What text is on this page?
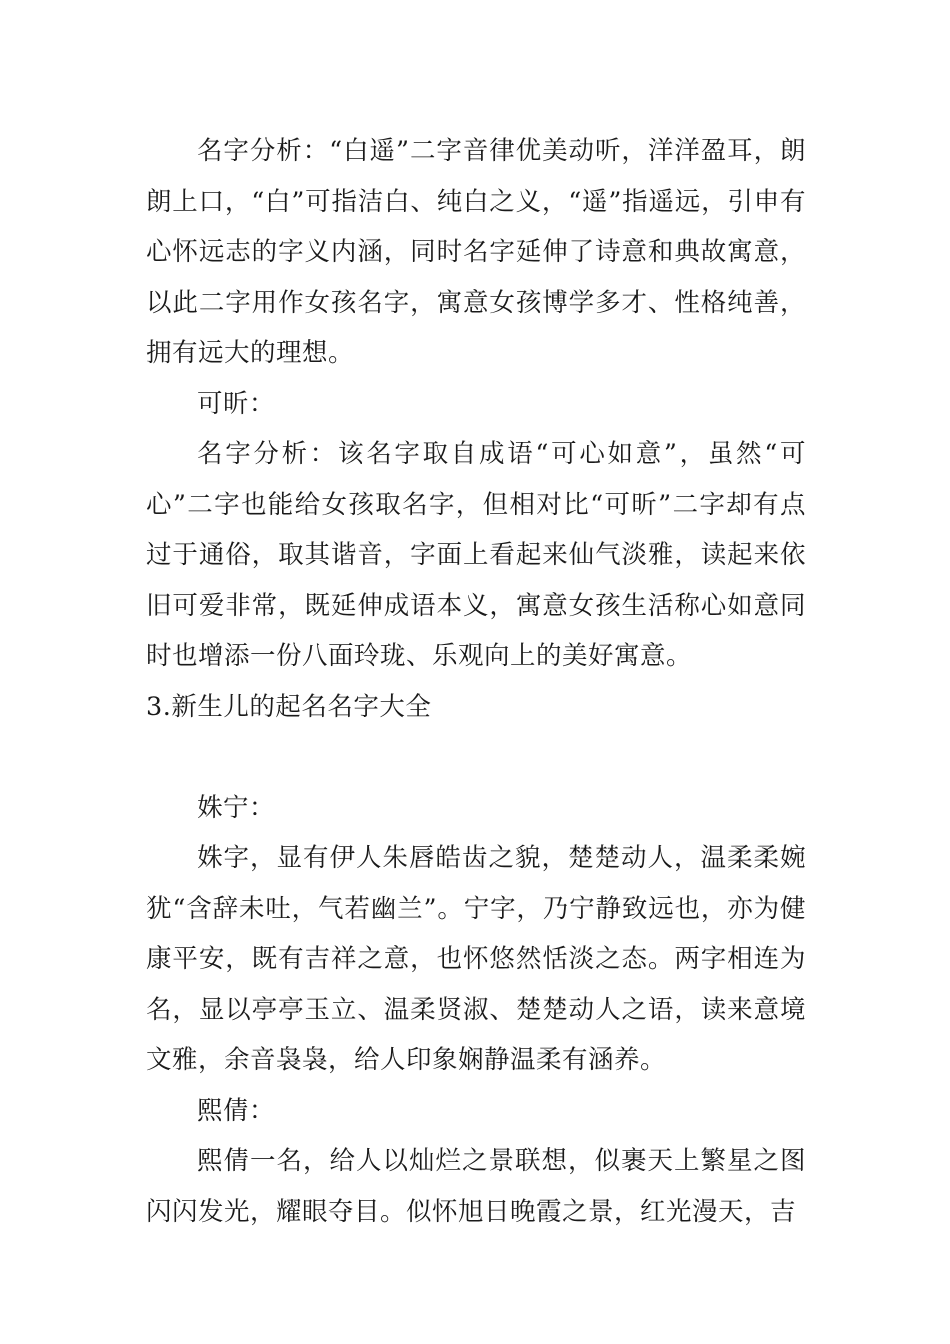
名字分析：“白遥”二字音律优美动听，洋洋盈耳，朗朗上口，“白”可指洁白、纯白之义，“遥”指遥远，引申有心怀远志的字义内涵，同时名字延伸了诗意和典故寓意，以此二字用作女孩名字，寓意女孩博学多才、性格纯善，拥有远大的理想。

可昕：

名字分析：该名字取自成语“可心如意”，虽然“可心”二字也能给女孩取名字，但相对比“可昕”二字却有点过于通俗，取其谐音，字面上看起来仙气淡雅，读起来依旧可爱非常，既延伸成语本义，寓意女孩生活称心如意同时也增添一份八面玲珑、乐观向上的美好寓意。

3.新生儿的起名名字大全

姝宁：

姝字，显有伊人朱唇皓齿之貌，楚楚动人，温柔柔婉犹“含辞未吐，气若幽兰”。宁字，乃宁静致远也，亦为健康平安，既有吉祥之意，也怀悠然恬淡之态。两字相连为名，显以亭亭玉立、温柔贤淑、楚楚动人之语，读来意境文雅，余音袅袅，给人印象娴静温柔有涵养。

熙倩：

熙倩一名，给人以灿烂之景联想，似裹天上繁星之图闪闪发光，耀眼夺目。似怀旭日晚霞之景，红光漫天，吉
